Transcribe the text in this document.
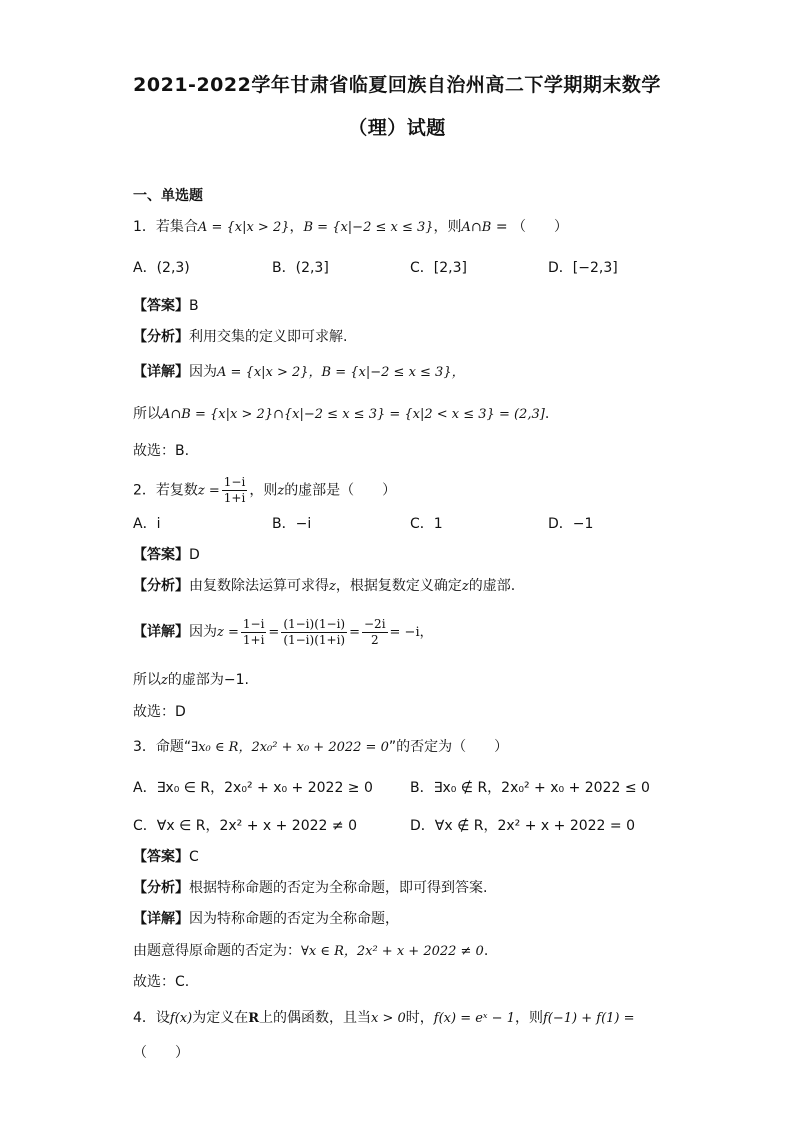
2021-2022学年甘肃省临夏回族自治州高二下学期期末数学
（理）试题
一、单选题
1．若集合A = {x|x > 2}，B = {x|−2 ≤ x ≤ 3}，则A∩B = （　　）
A．(2,3)	B．(2,3]	C．[2,3]	D．[−2,3]
【答案】B
【分析】利用交集的定义即可求解.
【详解】因为A = {x|x > 2}，B = {x|−2 ≤ x ≤ 3}，
所以A∩B = {x|x > 2}∩{x|−2 ≤ x ≤ 3} = {x|2 < x ≤ 3} = (2,3].
故选：B.
2．若复数$z = \frac{1-i}{1+i}$ ，则z的虚部是（　　）
A．i	B．−i	C．1	D．−1
【答案】D
【分析】由复数除法运算可求得z，根据复数定义确定z的虚部.
【详解】因为$z = \frac{1-i}{1+i} = \frac{(1-i)(1-i)}{(1-i)(1+i)} = \frac{-2i}{2} = -i$，
所以z的虚部为−1.
故选：D
3．命题“∃x₀ ∈ R，2x₀² + x₀ + 2022 = 0”的否定为（　　）
A．∃x₀ ∈ R，2x₀² + x₀ + 2022 ≥ 0	B．∃x₀ ∉ R，2x₀² + x₀ + 2022 ≤ 0
C．∀x ∈ R，2x² + x + 2022 ≠ 0	D．∀x ∉ R，2x² + x + 2022 = 0
【答案】C
【分析】根据特称命题的否定为全称命题，即可得到答案.
【详解】因为特称命题的否定为全称命题，
由题意得原命题的否定为：∀x ∈ R，2x² + x + 2022 ≠ 0.
故选：C.
4．设f(x)为定义在R上的偶函数，且当x > 0时，f(x) = eˣ − 1，则f(−1) + f(1) =
（　　）
